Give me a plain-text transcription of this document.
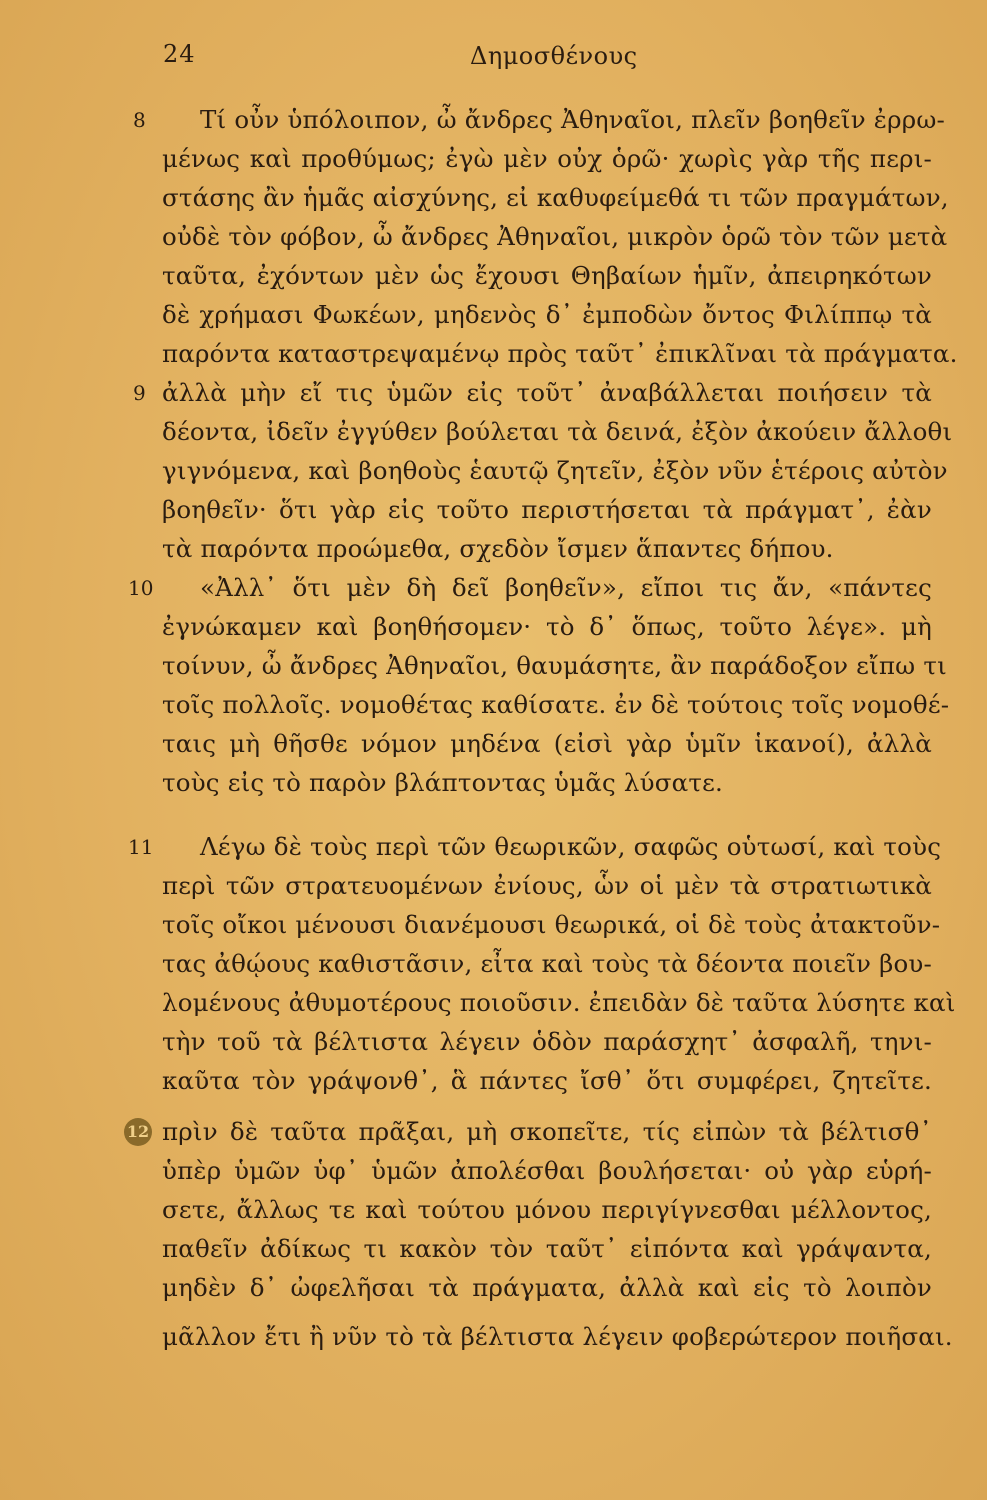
24	Δημοσθένους
8 Τί οὖν ὑπόλοιπον, ὦ ἄνδρες Ἀθηναῖοι, πλεῖν βοηθεῖν ἐρρω-
μένως καὶ προθύμως; ἐγὼ μὲν οὐχ ὁρῶ· χωρὶς γὰρ τῆς περι-
στάσης ἂν ἡμᾶς αἰσχύνης, εἰ καθυφείμεθά τι τῶν πραγμάτων,
οὐδὲ τὸν φόβον, ὦ ἄνδρες Ἀθηναῖοι, μικρὸν ὁρῶ τὸν τῶν μετὰ
ταῦτα, ἐχόντων μὲν ὡς ἔχουσι Θηβαίων ἡμῖν, ἀπειρηκότων
δὲ χρήμασι Φωκέων, μηδενὸς δ᾽ ἐμποδὼν ὄντος Φιλίππῳ τὰ
παρόντα καταστρεψαμένῳ πρὸς ταῦτ᾽ ἐπικλῖναι τὰ πράγματα.
9 ἀλλὰ μὴν εἴ τις ὑμῶν εἰς τοῦτ᾽ ἀναβάλλεται ποιήσειν τὰ
δέοντα, ἰδεῖν ἐγγύθεν βούλεται τὰ δεινά, ἐξὸν ἀκούειν ἄλλοθι
γιγνόμενα, καὶ βοηθοὺς ἑαυτῷ ζητεῖν, ἐξὸν νῦν ἑτέροις αὐτὸν
βοηθεῖν· ὅτι γὰρ εἰς τοῦτο περιστήσεται τὰ πράγματ᾽, ἐὰν
τὰ παρόντα προώμεθα, σχεδὸν ἴσμεν ἅπαντες δήπου.
10 «Ἀλλ᾽ ὅτι μὲν δὴ δεῖ βοηθεῖν», εἴποι τις ἄν, «πάντες
ἐγνώκαμεν καὶ βοηθήσομεν· τὸ δ᾽ ὅπως, τοῦτο λέγε». μὴ
τοίνυν, ὦ ἄνδρες Ἀθηναῖοι, θαυμάσητε, ἂν παράδοξον εἴπω τι
τοῖς πολλοῖς. νομοθέτας καθίσατε. ἐν δὲ τούτοις τοῖς νομοθέ-
ταις μὴ θῆσθε νόμον μηδένα (εἰσὶ γὰρ ὑμῖν ἱκανοί), ἀλλὰ
τοὺς εἰς τὸ παρὸν βλάπτοντας ὑμᾶς λύσατε.
11 Λέγω δὲ τοὺς περὶ τῶν θεωρικῶν, σαφῶς οὑτωσί, καὶ τοὺς
περὶ τῶν στρατευομένων ἐνίους, ὧν οἱ μὲν τὰ στρατιωτικὰ
τοῖς οἴκοι μένουσι διανέμουσι θεωρικά, οἱ δὲ τοὺς ἀτακτοῦν-
τας ἀθῴους καθιστᾶσιν, εἶτα καὶ τοὺς τὰ δέοντα ποιεῖν βου-
λομένους ἀθυμοτέρους ποιοῦσιν. ἐπειδὰν δὲ ταῦτα λύσητε καὶ
τὴν τοῦ τὰ βέλτιστα λέγειν ὁδὸν παράσχητ᾽ ἀσφαλῆ, τηνι-
καῦτα τὸν γράψονθ᾽, ἃ πάντες ἴσθ᾽ ὅτι συμφέρει, ζητεῖτε.
12 πρὶν δὲ ταῦτα πρᾶξαι, μὴ σκοπεῖτε, τίς εἰπὼν τὰ βέλτισθ᾽
ὑπὲρ ὑμῶν ὑφ᾽ ὑμῶν ἀπολέσθαι βουλήσεται· οὐ γὰρ εὑρή-
σετε, ἄλλως τε καὶ τούτου μόνου περιγίγνεσθαι μέλλοντος,
παθεῖν ἀδίκως τι κακὸν τὸν ταῦτ᾽ εἰπόντα καὶ γράψαντα,
μηδὲν δ᾽ ὠφελῆσαι τὰ πράγματα, ἀλλὰ καὶ εἰς τὸ λοιπὸν
μᾶλλον ἔτι ἢ νῦν τὸ τὰ βέλτιστα λέγειν φοβερώτερον ποιῆσαι.
